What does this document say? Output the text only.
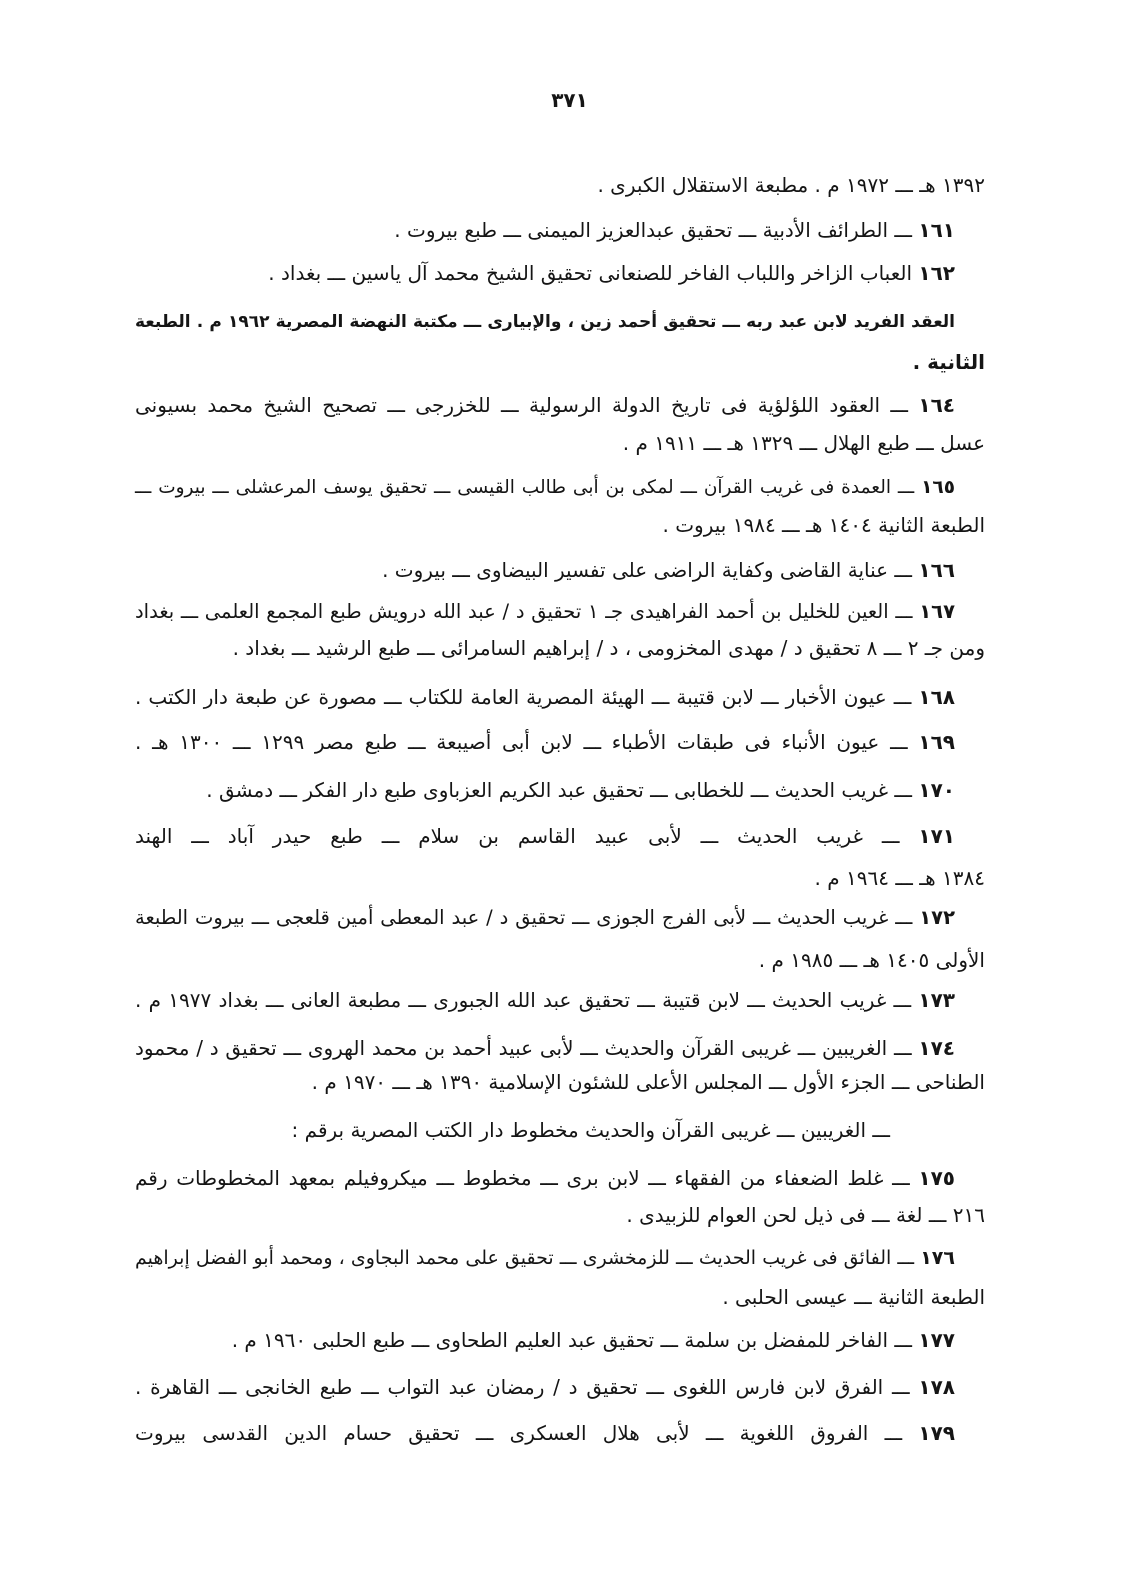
٣٧١
١٣٩٢ هـ ـــ ١٩٧٢ م . مطبعة الاستقلال الكبرى .
١٦١ ـــ الطرائف الأدبية ـــ تحقيق عبدالعزيز الميمنى ـــ طبع بيروت .
١٦٢ العباب الزاخر واللباب الفاخر للصنعانى تحقيق الشيخ محمد آل ياسين ـــ بغداد .
العقد الفريد لابن عبد ربه ـــ تحقيق أحمد زين ، والإبيارى ـــ مكتبة النهضة المصرية ١٩٦٢ م . الطبعة
الثانية .
١٦٤ ـــ العقود اللؤلؤية فى تاريخ الدولة الرسولية ـــ للخزرجى ـــ تصحيح الشيخ محمد بسيونى
عسل ـــ طبع الهلال ـــ ١٣٢٩ هـ ـــ ١٩١١ م .
١٦٥ ـــ العمدة فى غريب القرآن ـــ لمكى بن أبى طالب القيسى ـــ تحقيق يوسف المرعشلى ـــ بيروت ـــ
الطبعة الثانية ١٤٠٤ هـ ـــ ١٩٨٤ بيروت .
١٦٦ ـــ عناية القاضى وكفاية الراضى على تفسير البيضاوى ـــ بيروت .
١٦٧ ـــ العين للخليل بن أحمد الفراهيدى جـ ١ تحقيق د / عبد الله درويش طبع المجمع العلمى ـــ بغداد
ومن جـ ٢ ـــ ٨ تحقيق د / مهدى المخزومى ، د / إبراهيم السامرائى ـــ طبع الرشيد ـــ بغداد .
١٦٨ ـــ عيون الأخبار ـــ لابن قتيبة ـــ الهيئة المصرية العامة للكتاب ـــ مصورة عن طبعة دار الكتب .
١٦٩ ـــ عيون الأنباء فى طبقات الأطباء ـــ لابن أبى أصيبعة ـــ طبع مصر ١٢٩٩ ـــ ١٣٠٠ هـ .
١٧٠ ـــ غريب الحديث ـــ للخطابى ـــ تحقيق عبد الكريم العزباوى طبع دار الفكر ـــ دمشق .
١٧١ ـــ غريب الحديث ـــ لأبى عبيد القاسم بن سلام ـــ طبع حيدر آباد ـــ الهند
١٣٨٤ هـ ـــ ١٩٦٤ م .
١٧٢ ـــ غريب الحديث ـــ لأبى الفرج الجوزى ـــ تحقيق د / عبد المعطى أمين قلعجى ـــ بيروت الطبعة
الأولى ١٤٠٥ هـ ـــ ١٩٨٥ م .
١٧٣ ـــ غريب الحديث ـــ لابن قتيبة ـــ تحقيق عبد الله الجبورى ـــ مطبعة العانى ـــ بغداد ١٩٧٧ م .
١٧٤ ـــ الغريبين ـــ غريبى القرآن والحديث ـــ لأبى عبيد أحمد بن محمد الهروى ـــ تحقيق د / محمود
الطناحى ـــ الجزء الأول ـــ المجلس الأعلى للشئون الإسلامية ١٣٩٠ هـ ـــ ١٩٧٠ م .
ـــ الغريبين ـــ غريبى القرآن والحديث مخطوط دار الكتب المصرية برقم :
١٧٥ ـــ غلط الضعفاء من الفقهاء ـــ لابن برى ـــ مخطوط ـــ ميكروفيلم بمعهد المخطوطات رقم
٢١٦ ـــ لغة ـــ فى ذيل لحن العوام للزبيدى .
١٧٦ ـــ الفائق فى غريب الحديث ـــ للزمخشرى ـــ تحقيق على محمد البجاوى ، ومحمد أبو الفضل إبراهيم
الطبعة الثانية ـــ عيسى الحلبى .
١٧٧ ـــ الفاخر للمفضل بن سلمة ـــ تحقيق عبد العليم الطحاوى ـــ طبع الحلبى ١٩٦٠ م .
١٧٨ ـــ الفرق لابن فارس اللغوى ـــ تحقيق د / رمضان عبد التواب ـــ طبع الخانجى ـــ القاهرة .
١٧٩ ـــ الفروق اللغوية ـــ لأبى هلال العسكرى ـــ تحقيق حسام الدين القدسى بيروت
